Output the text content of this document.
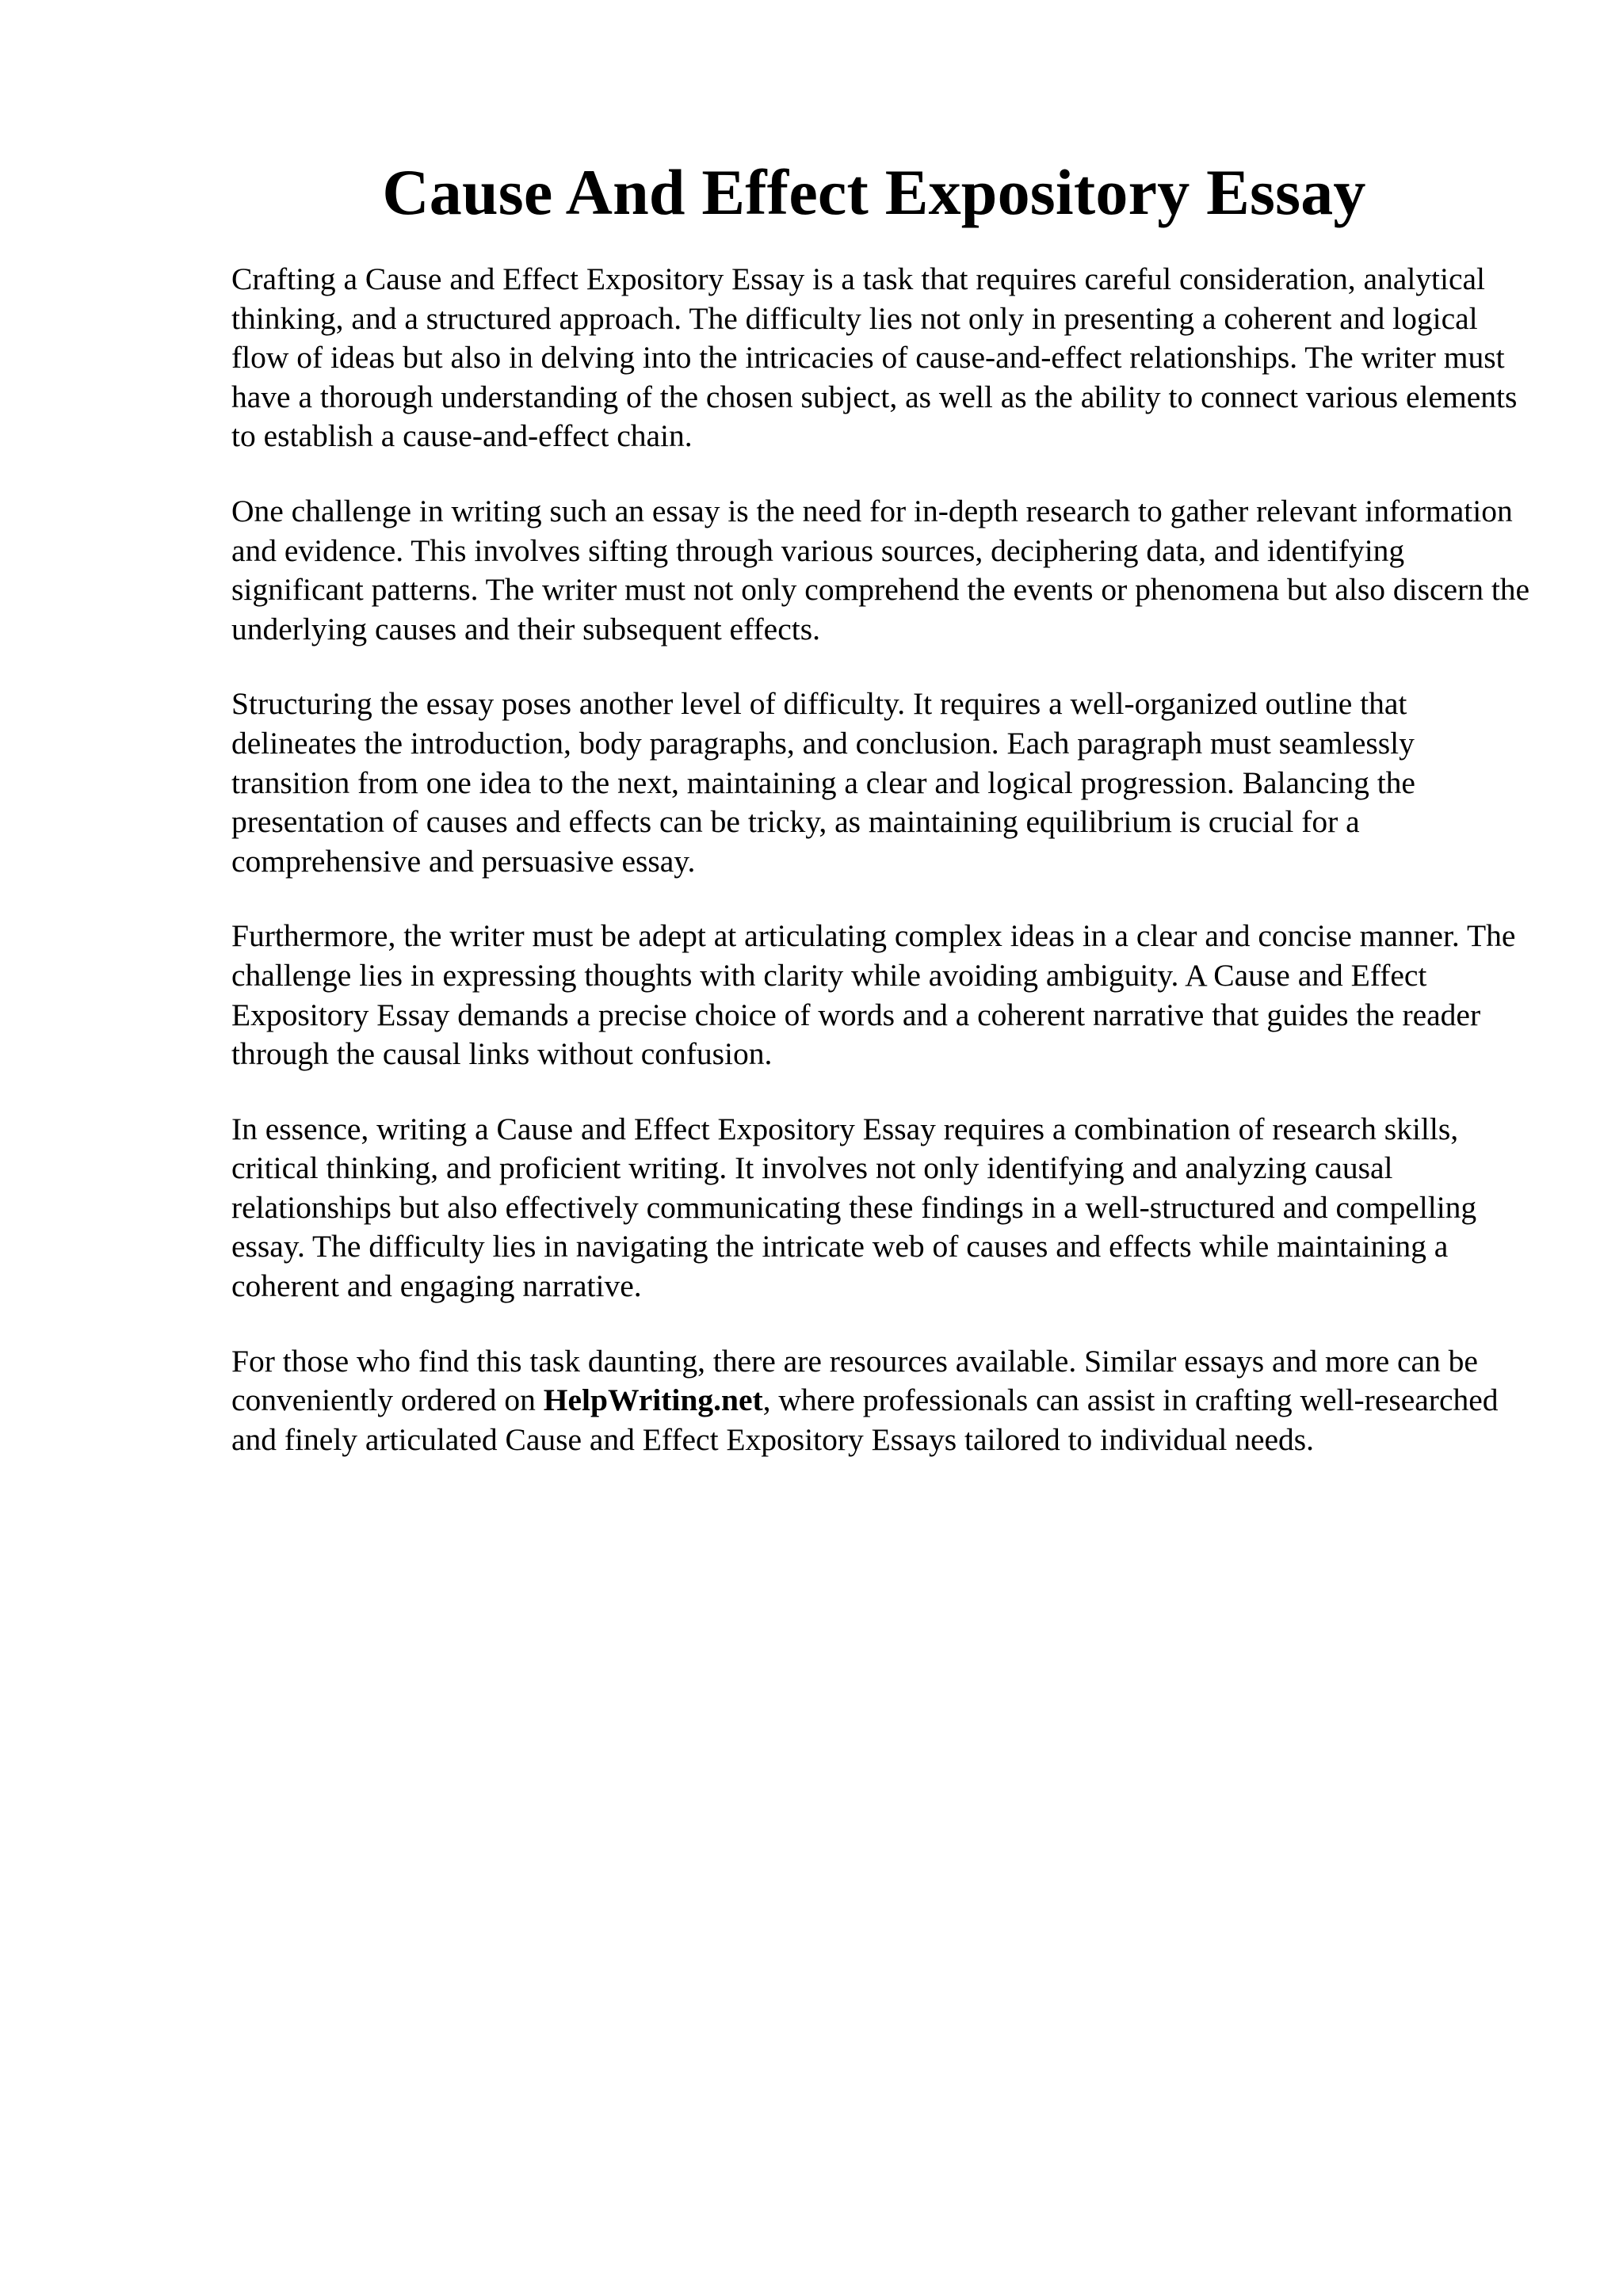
Cause And Effect Expository Essay

Crafting a Cause and Effect Expository Essay is a task that requires careful consideration, analytical thinking, and a structured approach. The difficulty lies not only in presenting a coherent and logical flow of ideas but also in delving into the intricacies of cause-and-effect relationships. The writer must have a thorough understanding of the chosen subject, as well as the ability to connect various elements to establish a cause-and-effect chain.

One challenge in writing such an essay is the need for in-depth research to gather relevant information and evidence. This involves sifting through various sources, deciphering data, and identifying significant patterns. The writer must not only comprehend the events or phenomena but also discern the underlying causes and their subsequent effects.

Structuring the essay poses another level of difficulty. It requires a well-organized outline that delineates the introduction, body paragraphs, and conclusion. Each paragraph must seamlessly transition from one idea to the next, maintaining a clear and logical progression. Balancing the presentation of causes and effects can be tricky, as maintaining equilibrium is crucial for a comprehensive and persuasive essay.

Furthermore, the writer must be adept at articulating complex ideas in a clear and concise manner. The challenge lies in expressing thoughts with clarity while avoiding ambiguity. A Cause and Effect Expository Essay demands a precise choice of words and a coherent narrative that guides the reader through the causal links without confusion.

In essence, writing a Cause and Effect Expository Essay requires a combination of research skills, critical thinking, and proficient writing. It involves not only identifying and analyzing causal relationships but also effectively communicating these findings in a well-structured and compelling essay. The difficulty lies in navigating the intricate web of causes and effects while maintaining a coherent and engaging narrative.

For those who find this task daunting, there are resources available. Similar essays and more can be conveniently ordered on HelpWriting.net, where professionals can assist in crafting well-researched and finely articulated Cause and Effect Expository Essays tailored to individual needs.
